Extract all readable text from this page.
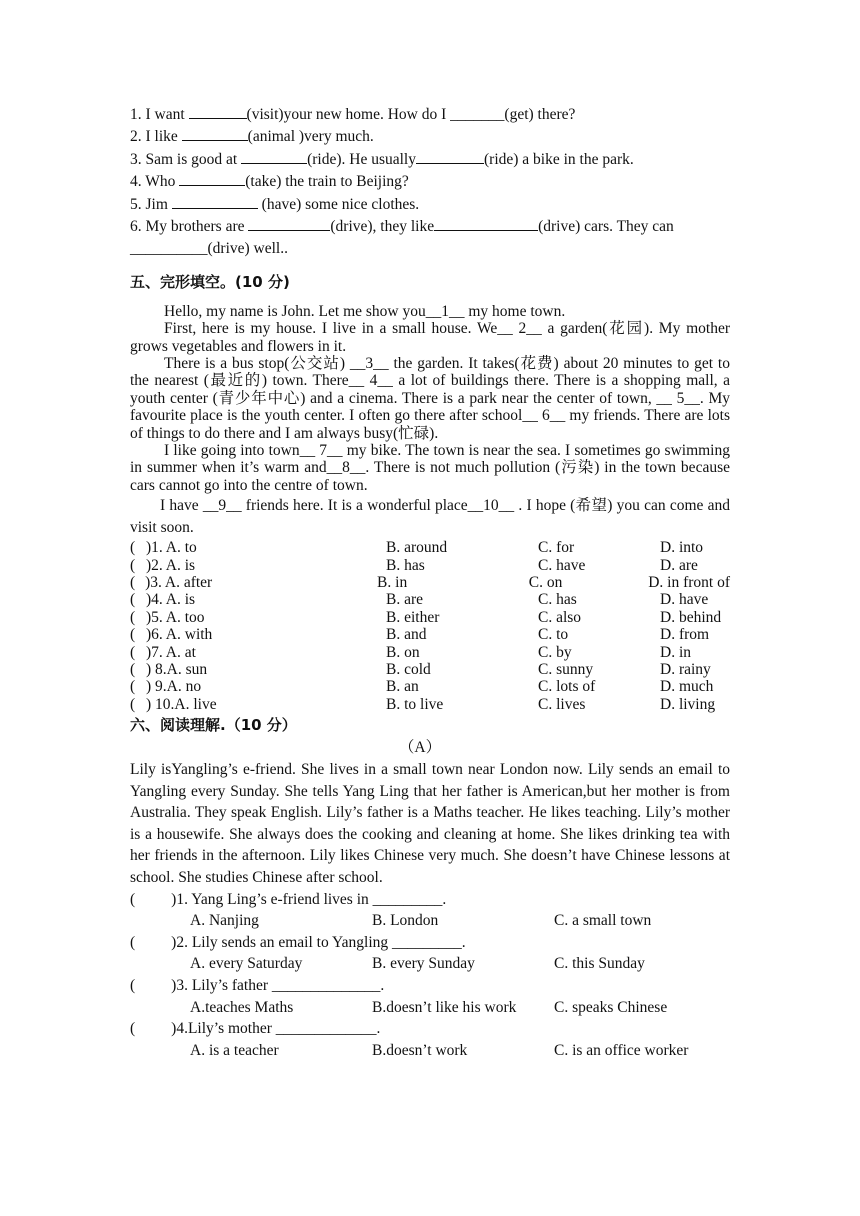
1. I want	(visit)your new home. How do I _______(get) there?
2. I like	(animal )very much.
3. Sam is good at	(ride). He usually	(ride) a bike in the park.
4. Who	(take) the train to Beijing?
5. Jim	(have) some nice clothes.
6. My brothers are	(drive), they like	(drive) cars. They can
__________(drive) well..
五、完形填空。(10 分)

Hello, my name is John. Let me show you__1__ my home town.

First, here is my house. I live in a small house. We__ 2__ a garden(花园). My mother grows vegetables and flowers in it.

There is a bus stop(公交站) __3__ the garden. It takes(花费) about 20 minutes to get to the nearest (最近的) town. There__ 4__ a lot of buildings there. There is a shopping mall, a youth center (青少年中心) and a cinema. There is a park near the center of town, __ 5__. My favourite place is the youth center. I often go there after school__ 6__ my friends. There are lots of things to do there and I am always busy(忙碌).

I like going into town__ 7__ my bike. The town is near the sea. I sometimes go swimming in summer when it’s warm and__8__. There is not much pollution (污染) in the town because cars cannot go into the centre of town.

I have __9__ friends here. It is a wonderful place__10__ . I hope (希望) you can come and visit soon.

( )1. A. to	B. around	C. for	D. into
( )2. A. is	B. has	C. have	D. are
( )3. A. after	B. in	C. on	D. in front of
( )4. A. is	B. are	C. has	D. have
( )5. A. too	B. either	C. also	D. behind
( )6. A. with	B. and	C. to	D. from
( )7. A. at	B. on	C. by	D. in
( ) 8.A. sun	B. cold	C. sunny	D. rainy
( ) 9.A. no	B. an	C. lots of	D. much
( ) 10.A. live	B. to live	C. lives	D. living
六、阅读理解.（10 分）
（A）

Lily isYangling’s e-friend. She lives in a small town near London now. Lily sends an email to Yangling every Sunday. She tells Yang Ling that her father is American,but her mother is from Australia. They speak English. Lily’s father is a Maths teacher. He likes teaching. Lily’s mother is a housewife. She always does the cooking and cleaning at home. She likes drinking tea with her friends in the afternoon. Lily likes Chinese very much. She doesn’t have Chinese lessons at school. She studies Chinese after school.

( )1. Yang Ling’s e-friend lives in _________.
A. Nanjing	B. London	C. a small town
( )2. Lily sends an email to Yangling _________.
A. every Saturday	B. every Sunday	C. this Sunday
( )3. Lily’s father ______________.
A.teaches Maths	B.doesn’t like his work	C. speaks Chinese
( )4.Lily’s mother _____________.
A. is a teacher	B.doesn’t work	C. is an office worker
